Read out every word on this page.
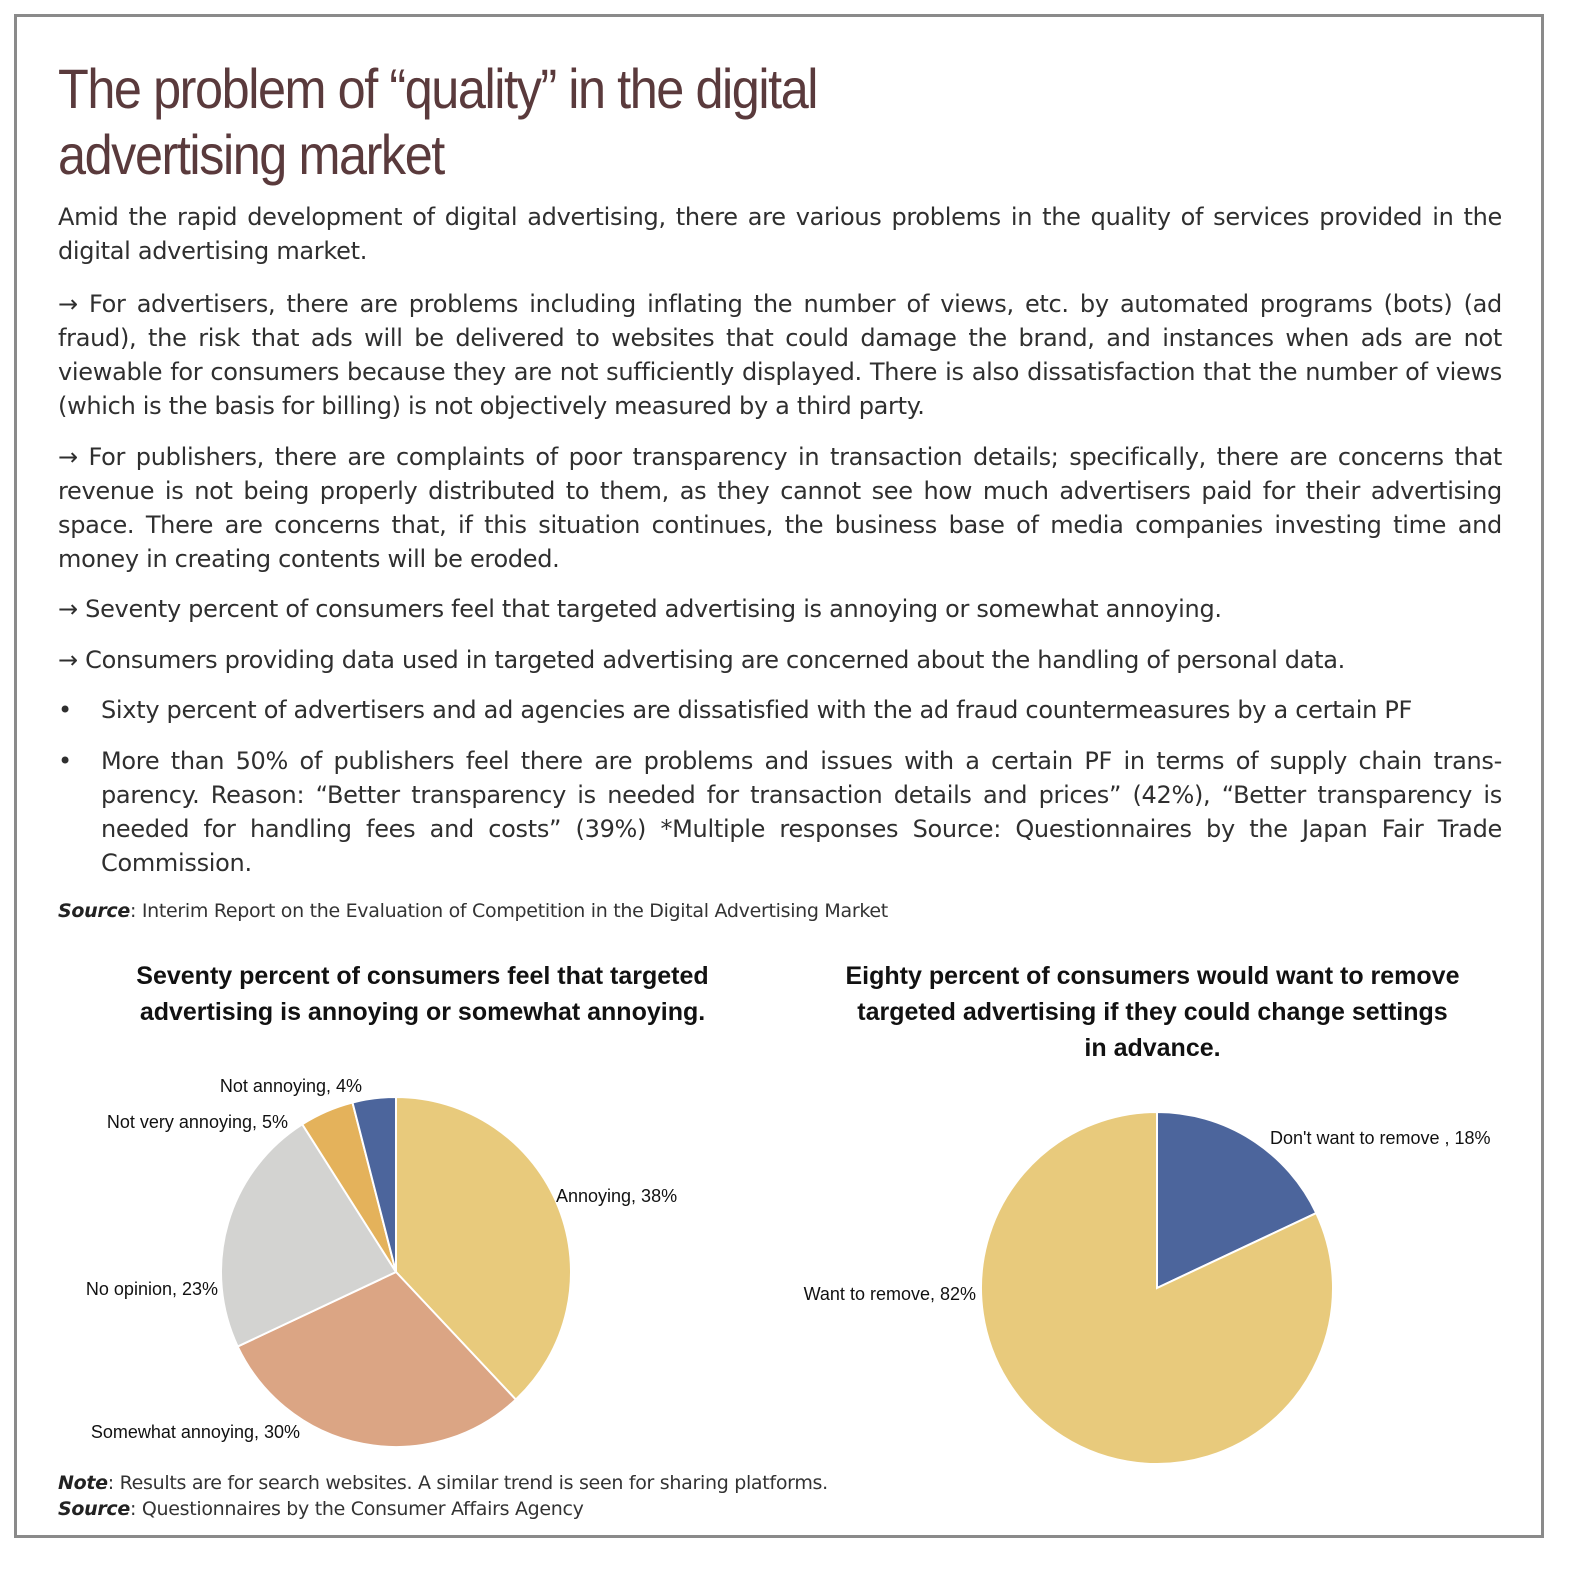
The problem of “quality” in the digital advertising market

Amid the rapid development of digital advertising, there are various problems in the quality of services provided in the digital advertising market.

→ For advertisers, there are problems including inflating the number of views, etc. by automated programs (bots) (ad fraud), the risk that ads will be delivered to websites that could damage the brand, and instances when ads are not viewable for consumers because they are not sufficiently displayed. There is also dissatisfaction that the number of views (which is the basis for billing) is not objectively measured by a third party.

→ For publishers, there are complaints of poor transparency in transaction details; specifically, there are concerns that revenue is not being properly distributed to them, as they cannot see how much advertisers paid for their advertising space. There are concerns that, if this situation continues, the business base of media companies investing time and money in creating contents will be eroded.

→ Seventy percent of consumers feel that targeted advertising is annoying or somewhat annoying.

→ Consumers providing data used in targeted advertising are concerned about the handling of personal data.

• Sixty percent of advertisers and ad agencies are dissatisfied with the ad fraud countermeasures by a certain PF
• More than 50% of publishers feel there are problems and issues with a certain PF in terms of supply chain trans-parency. Reason: “Better transparency is needed for transaction details and prices” (42%), “Better transparency is needed for handling fees and costs” (39%) *Multiple responses Source: Questionnaires by the Japan Fair Trade Commission.
Source: Interim Report on the Evaluation of Competition in the Digital Advertising Market
Seventy percent of consumers feel that targeted advertising is annoying or somewhat annoying.
Eighty percent of consumers would want to remove targeted advertising if they could change settings in advance.
Annoying, 38%
Somewhat annoying, 30%
No opinion, 23%
Not very annoying, 5%
Not annoying, 4%
Don't want to remove , 18%
Want to remove, 82%
Note: Results are for search websites. A similar trend is seen for sharing platforms.
Source: Questionnaires by the Consumer Affairs Agency
